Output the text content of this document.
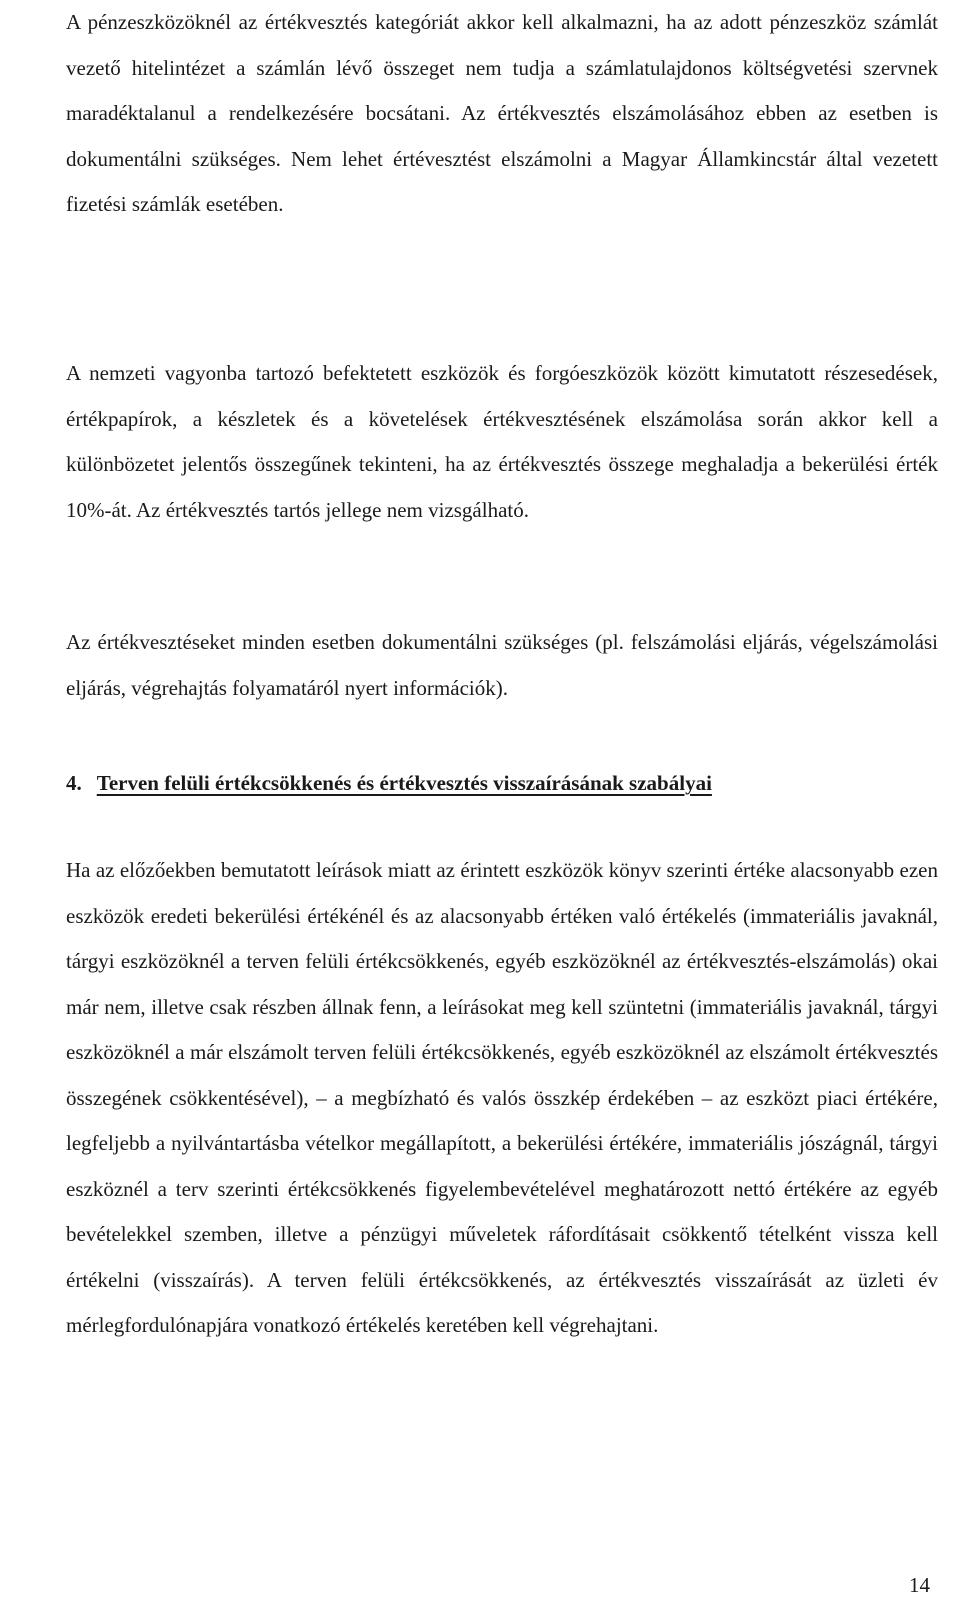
A pénzeszközöknél az értékvesztés kategóriát akkor kell alkalmazni, ha az adott pénzeszköz számlát vezető hitelintézet a számlán lévő összeget nem tudja a számlatulajdonos költségvetési szervnek maradéktalanul a rendelkezésére bocsátani. Az értékvesztés elszámolásához ebben az esetben is dokumentálni szükséges. Nem lehet értévesztést elszámolni a Magyar Államkincstár által vezetett fizetési számlák esetében.

A nemzeti vagyonba tartozó befektetett eszközök és forgóeszközök között kimutatott részesedések, értékpapírok, a készletek és a követelések értékvesztésének elszámolása során akkor kell a különbözetet jelentős összegűnek tekinteni, ha az értékvesztés összege meghaladja a bekerülési érték 10%-át. Az értékvesztés tartós jellege nem vizsgálható.

Az értékvesztéseket minden esetben dokumentálni szükséges (pl. felszámolási eljárás, végelszámolási eljárás, végrehajtás folyamatáról nyert információk).

4. Terven felüli értékcsökkenés és értékvesztés visszaírásának szabályai

Ha az előzőekben bemutatott leírások miatt az érintett eszközök könyv szerinti értéke alacsonyabb ezen eszközök eredeti bekerülési értékénél és az alacsonyabb értéken való értékelés (immateriális javaknál, tárgyi eszközöknél a terven felüli értékcsökkenés, egyéb eszközöknél az értékvesztés-elszámolás) okai már nem, illetve csak részben állnak fenn, a leírásokat meg kell szüntetni (immateriális javaknál, tárgyi eszközöknél a már elszámolt terven felüli értékcsökkenés, egyéb eszközöknél az elszámolt értékvesztés összegének csökkentésével), – a megbízható és valós összkép érdekében – az eszközt piaci értékére, legfeljebb a nyilvántartásba vételkor megállapított, a bekerülési értékére, immateriális jószágnál, tárgyi eszköznél a terv szerinti értékcsökkenés figyelembevételével meghatározott nettó értékére az egyéb bevételekkel szemben, illetve a pénzügyi műveletek ráfordításait csökkentő tételként vissza kell értékelni (visszaírás). A terven felüli értékcsökkenés, az értékvesztés visszaírását az üzleti év mérlegfordulónapjára vonatkozó értékelés keretében kell végrehajtani.

14
